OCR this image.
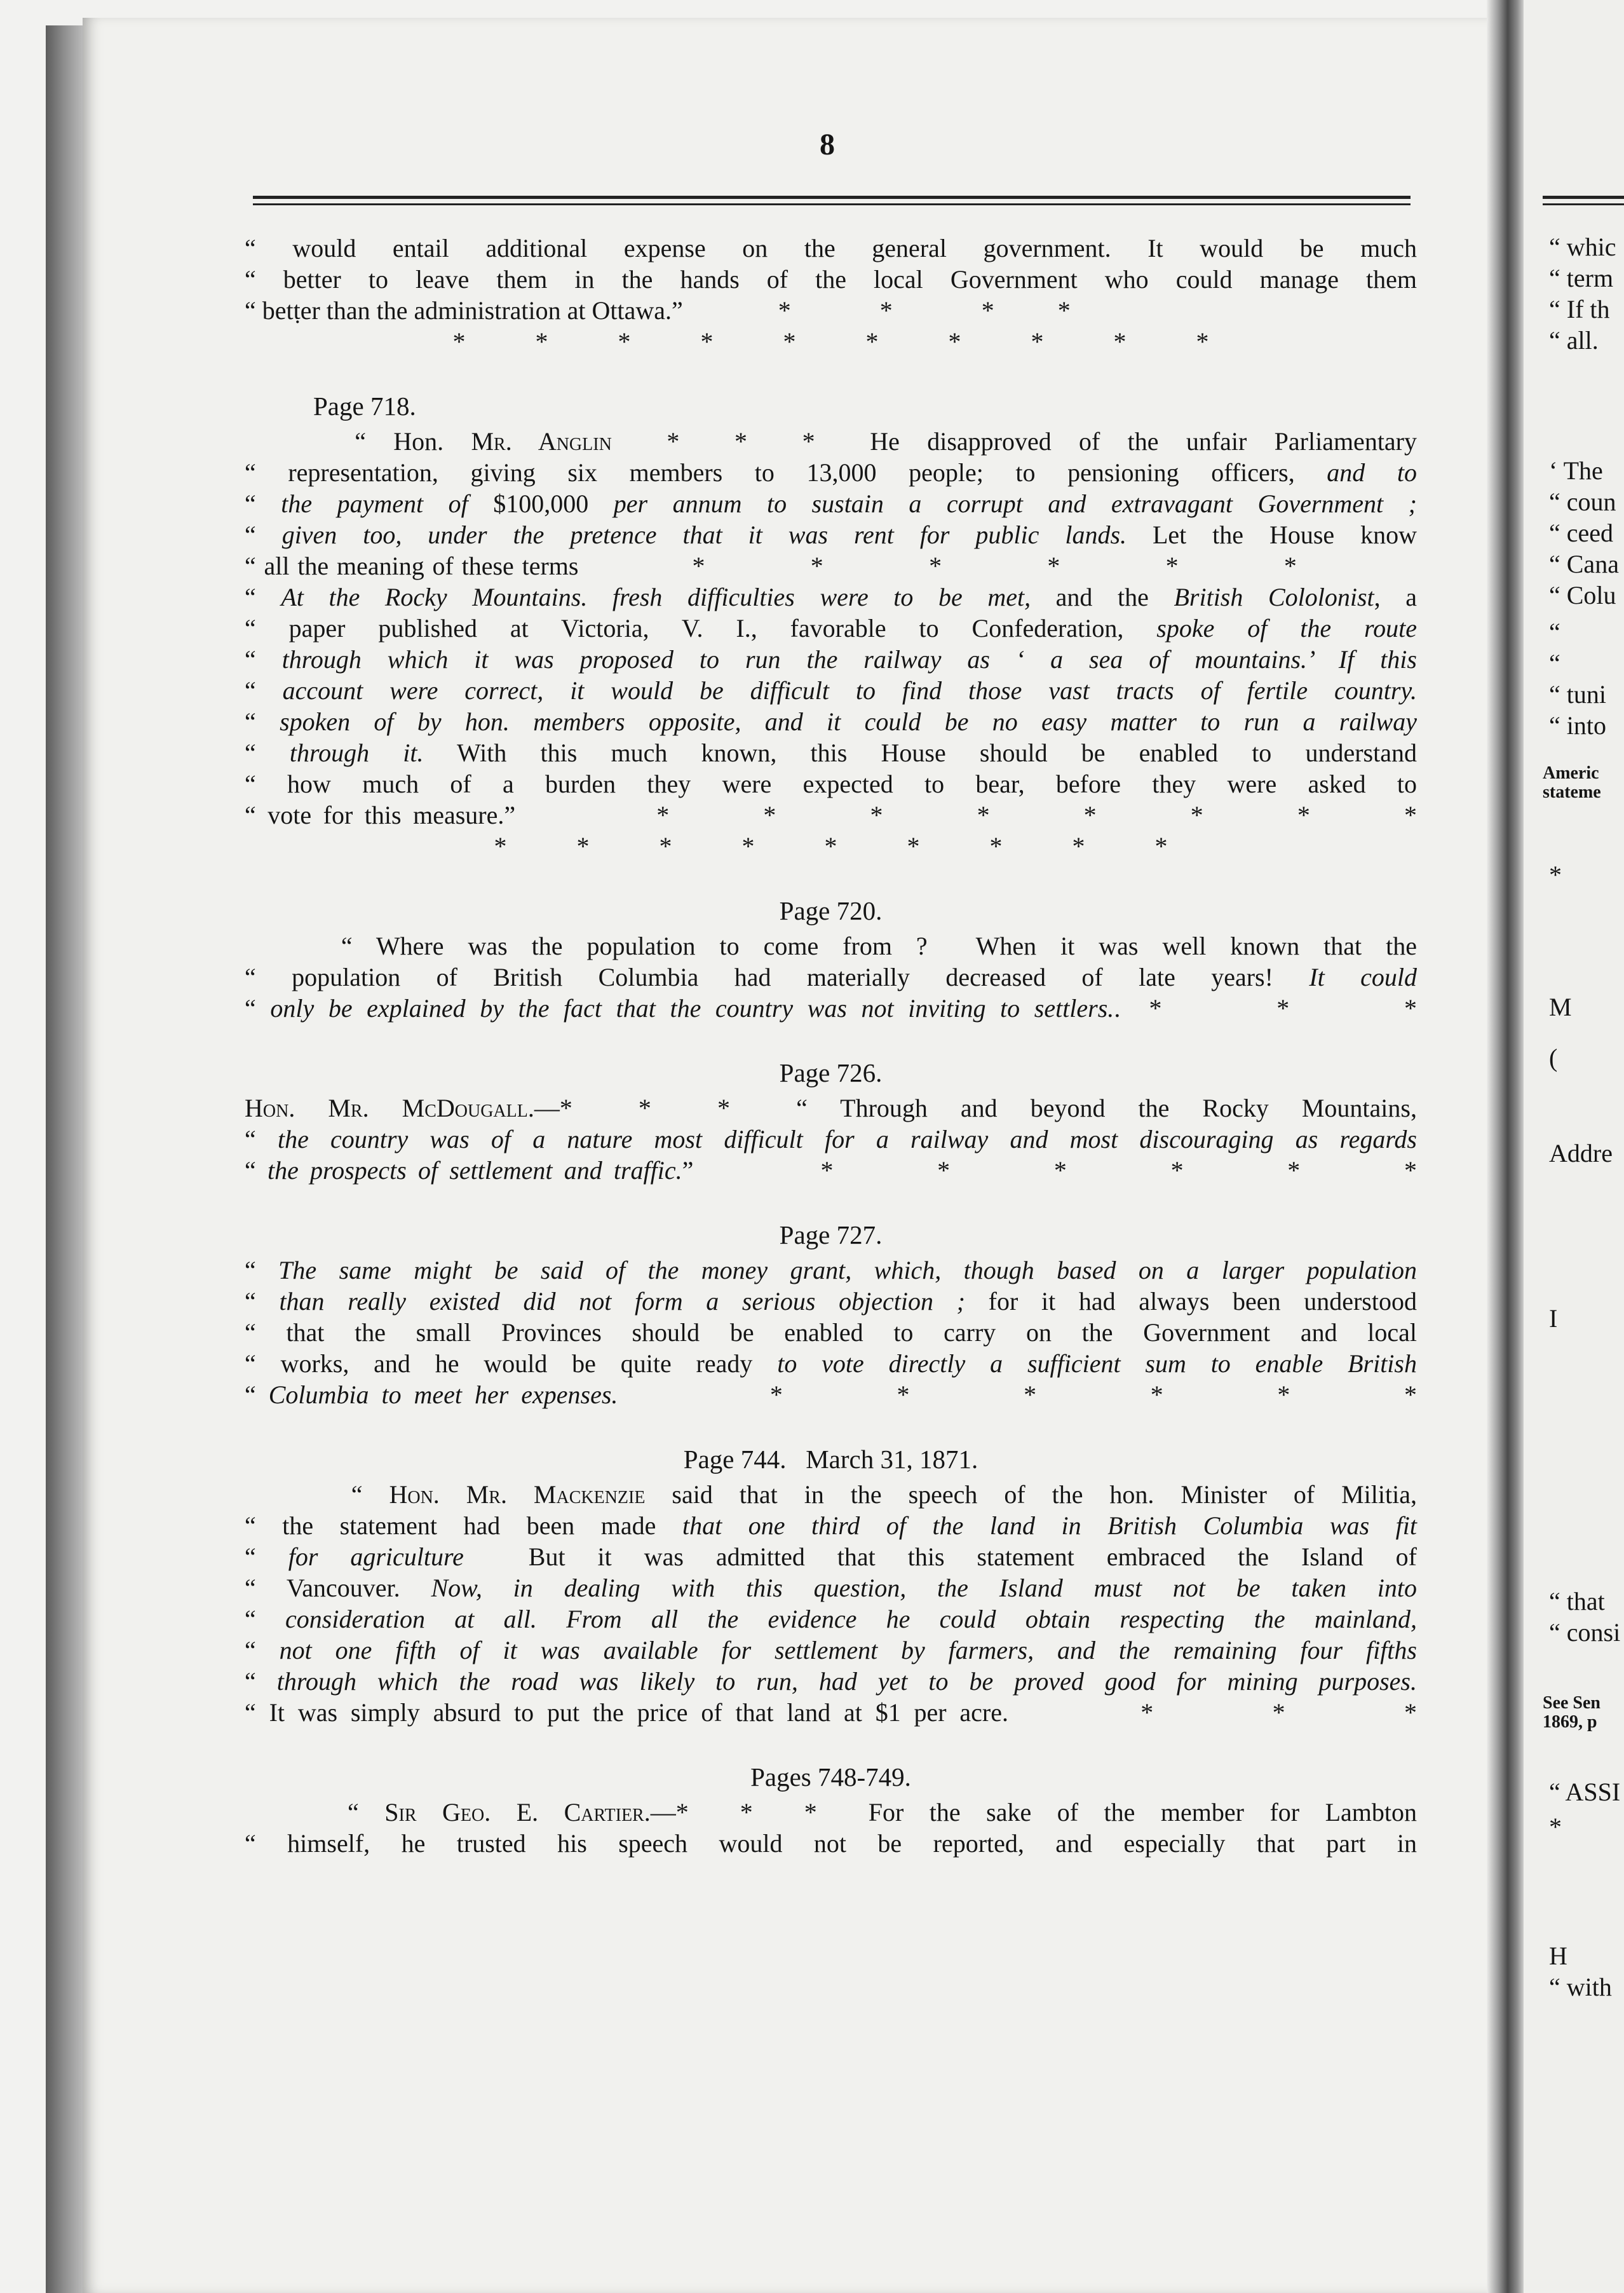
8
“ would entail additional expense on the general government. It would be much
“ better to leave them in the hands of the local Government who could manage them
“ betṭer than the administration at Ottawa.”               *              *              *          *
*           *           *           *           *           *           *           *           *           *
Page 718.
“ Hon. Mr. Anglin  *  *  *  He disapproved of the unfair Parliamentary
“ representation, giving six members to 13,000 people; to pensioning officers, and to
“ the payment of $100,000 per annum to sustain a corrupt and extravagant Government ;
“ given too, under the pretence that it was rent for public lands. Let the House know
“ all the meaning of these terms              *             *             *             *             *             *
“ At the Rocky Mountains. fresh difficulties were to be met, and the British Cololonist, a
“ paper published at Victoria, V. I., favorable to Confederation, spoke of the route
“ through which it was proposed to run the railway as ‘ a sea of mountains.’ If this
“ account were correct, it would be difficult to find those vast tracts of fertile country.
“ spoken of by hon. members opposite, and it could be no easy matter to run a railway
“ through it. With this much known, this House should be enabled to understand
“ how much of a burden they were expected to bear, before they were asked to
“ vote for this measure.”            *        *        *        *        *        *        *        *
*           *           *           *           *           *           *           *           *
Page 720.
“ Where was the population to come from ?  When it was well known that the
“ population of British Columbia had materially decreased of late years! It could
“ only be explained by the fact that the country was not inviting to settlers..  *        *        *
Page 726.
Hon. Mr. McDougall.—*  *  *  “ Through and beyond the Rocky Mountains,
“ the country was of a nature most difficult for a railway and most discouraging as regards
“ the prospects of settlement and traffic.”           *         *         *         *         *         *
Page 727.
“ The same might be said of the money grant, which, though based on a larger population
“ than really existed did not form a serious objection ; for it had always been understood
“ that the small Provinces should be enabled to carry on the Government and local
“ works, and he would be quite ready to vote directly a sufficient sum to enable British
“ Columbia to meet her expenses.            *         *         *         *         *         *
Page 744.   March 31, 1871.
“ Hon. Mr. Mackenzie said that in the speech of the hon. Minister of Militia,
“ the statement had been made that one third of the land in British Columbia was fit
“ for agriculture  But it was admitted that this statement embraced the Island of
“ Vancouver. Now, in dealing with this question, the Island must not be taken into
“ consideration at all. From all the evidence he could obtain respecting the mainland,
“ not one fifth of it was available for settlement by farmers, and the remaining four fifths
“ through which the road was likely to run, had yet to be proved good for mining purposes.
“ It was simply absurd to put the price of that land at $1 per acre.          *         *         *
Pages 748-749.
“ Sir Geo. E. Cartier.—*  *  *  For the sake of the member for Lambton
“ himself, he trusted his speech would not be reported, and especially that part in
“ whic
“ term
“ If th
“ all.
‘ The
“ coun
“ ceed
“ Cana
“ Colu
“
“
“ tuni
“ into
*
M
(
Addre
I
“ that
“ consi
“ ASSI
*
H
“ with
Americ
stateme
See Sen
1869, p
